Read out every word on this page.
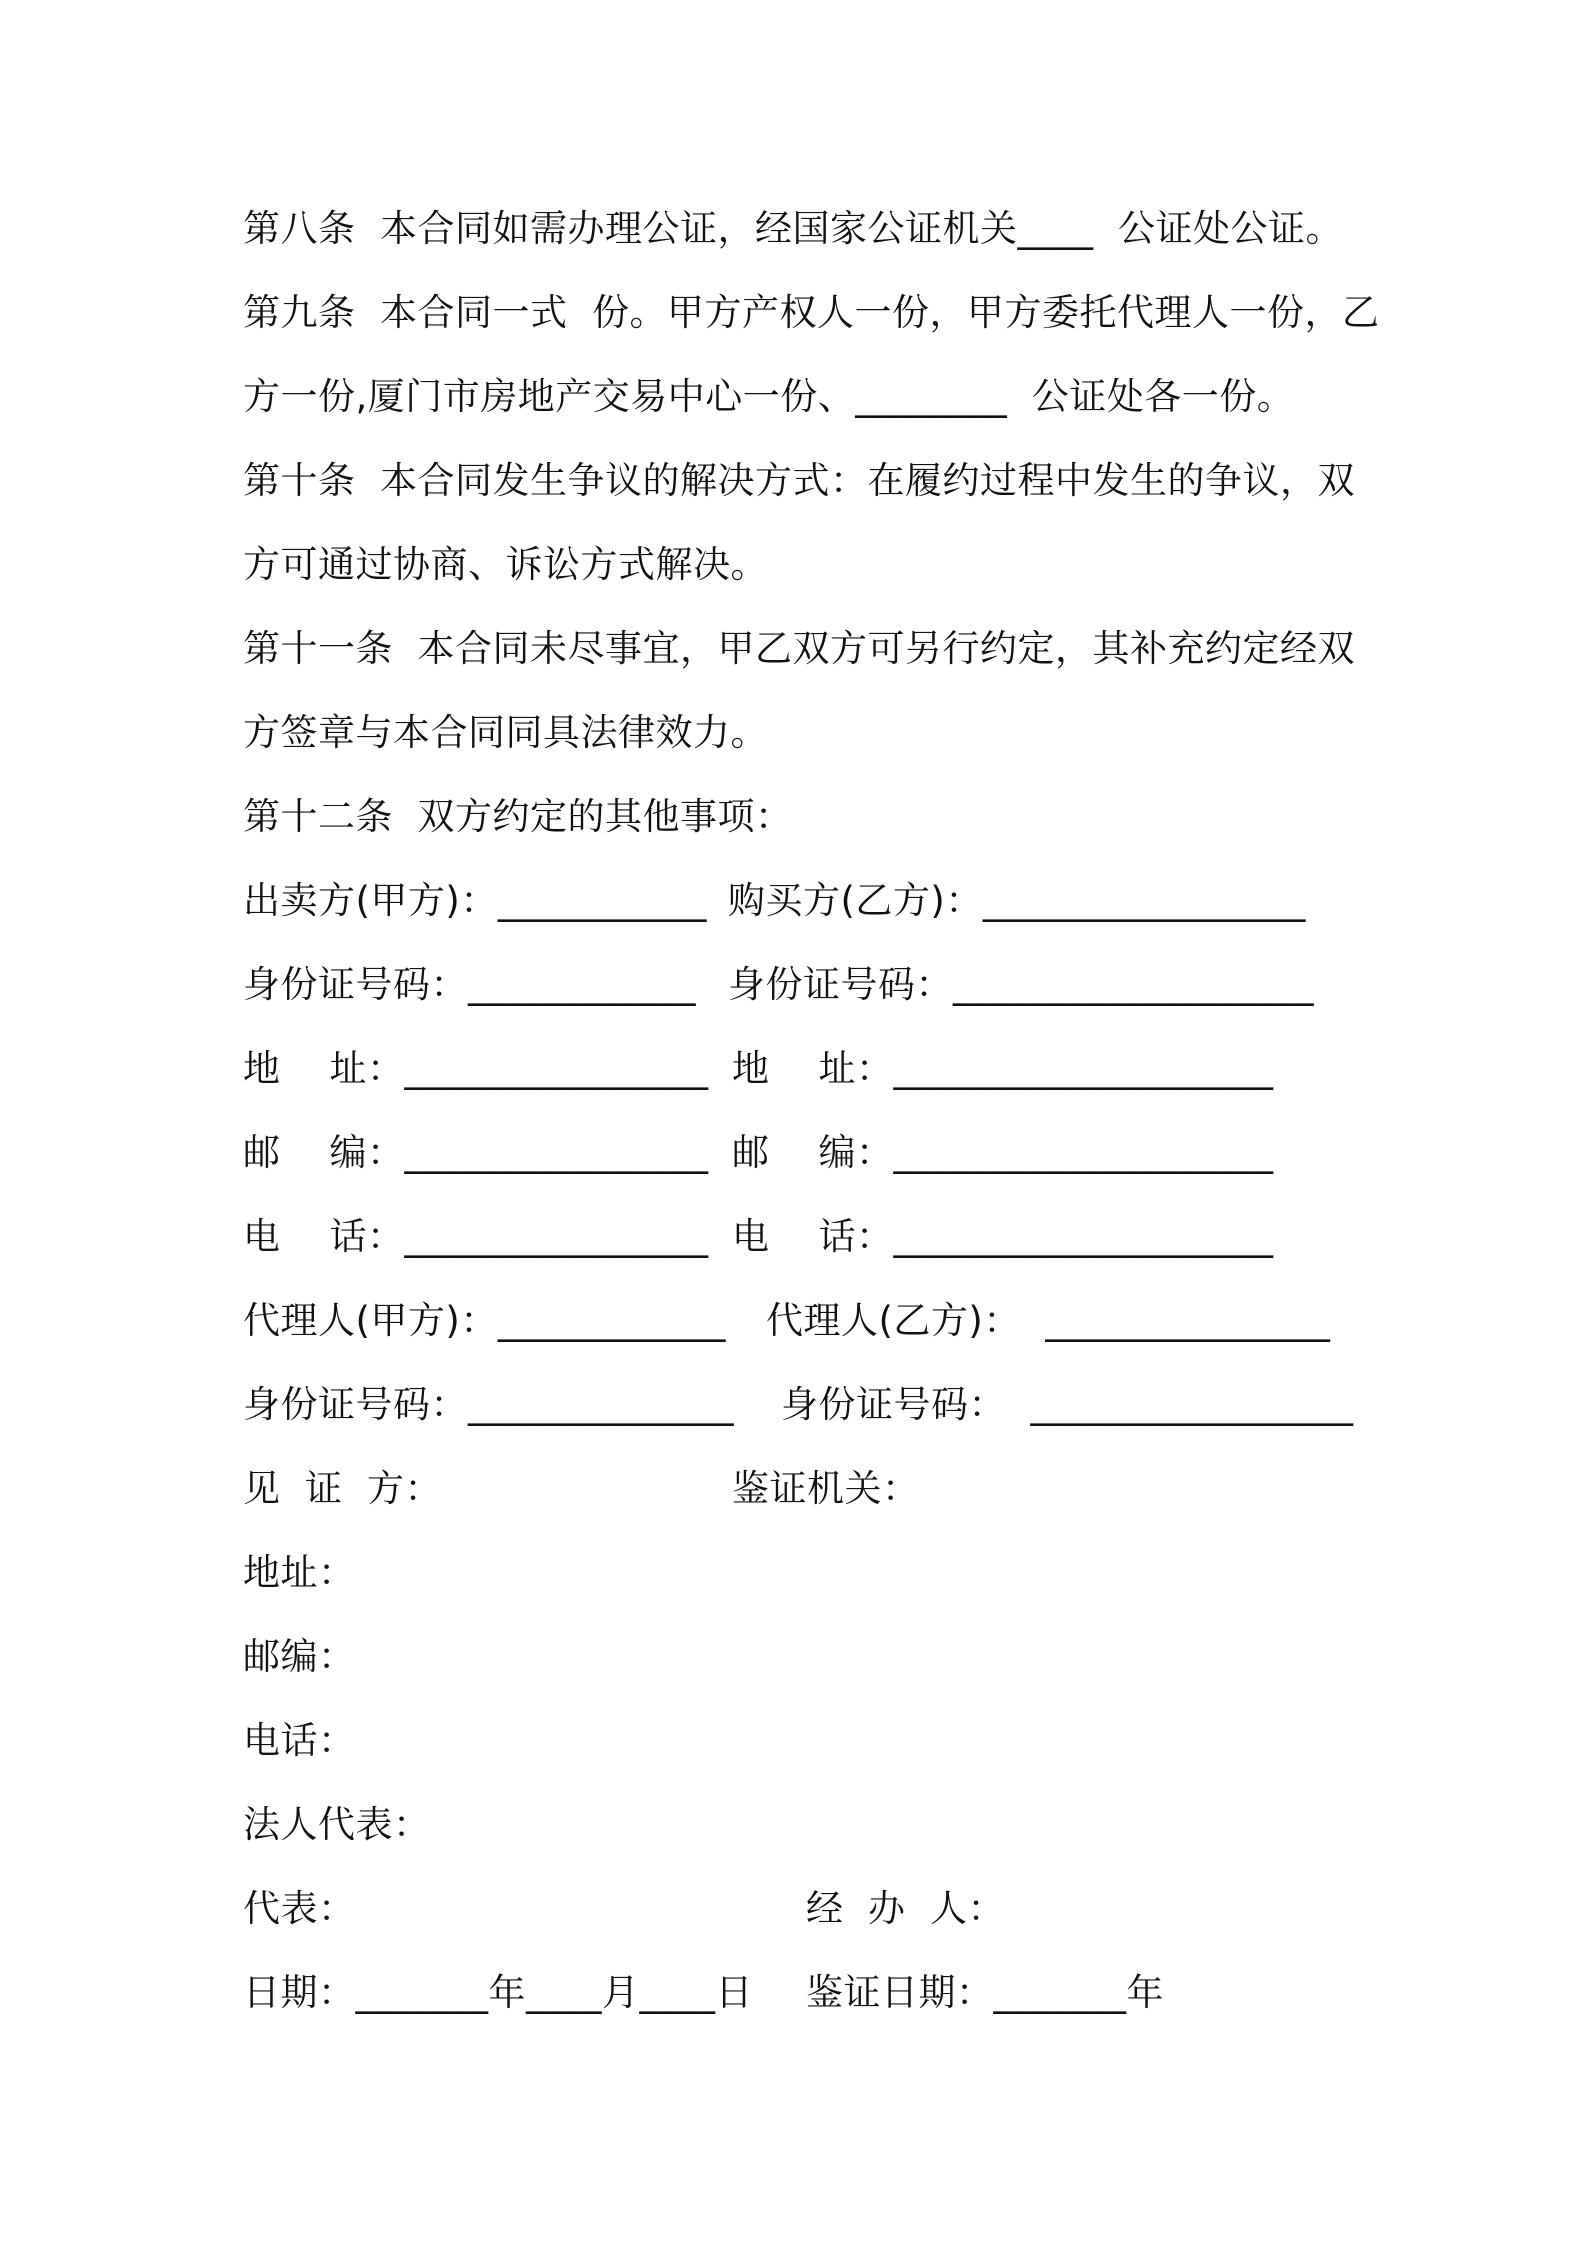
第八条  本合同如需办理公证，经国家公证机关____  公证处公证。
第九条  本合同一式  份。甲方产权人一份，甲方委托代理人一份，乙
方一份,厦门市房地产交易中心一份、________  公证处各一份。
第十条  本合同发生争议的解决方式：在履约过程中发生的争议，双
方可通过协商、诉讼方式解决。
第十一条  本合同未尽事宜，甲乙双方可另行约定，其补充约定经双
方签章与本合同同具法律效力。
第十二条  双方约定的其他事项：
出卖方(甲方)：___________ 购买方(乙方)：_________________
身份证号码：____________ 身份证号码：___________________
地    址：________________ 地    址：____________________
邮    编：________________ 邮    编：____________________
电    话：________________ 电    话：____________________
代理人(甲方)：____________ 代理人(乙方)：  _______________
身份证号码：______________ 身份证号码：  _________________
见  证  方：	鉴证机关：
地址：
邮编：
电话：
法人代表：
代表：	经  办  人：
日期：_______年____月____日 鉴证日期：_______年
